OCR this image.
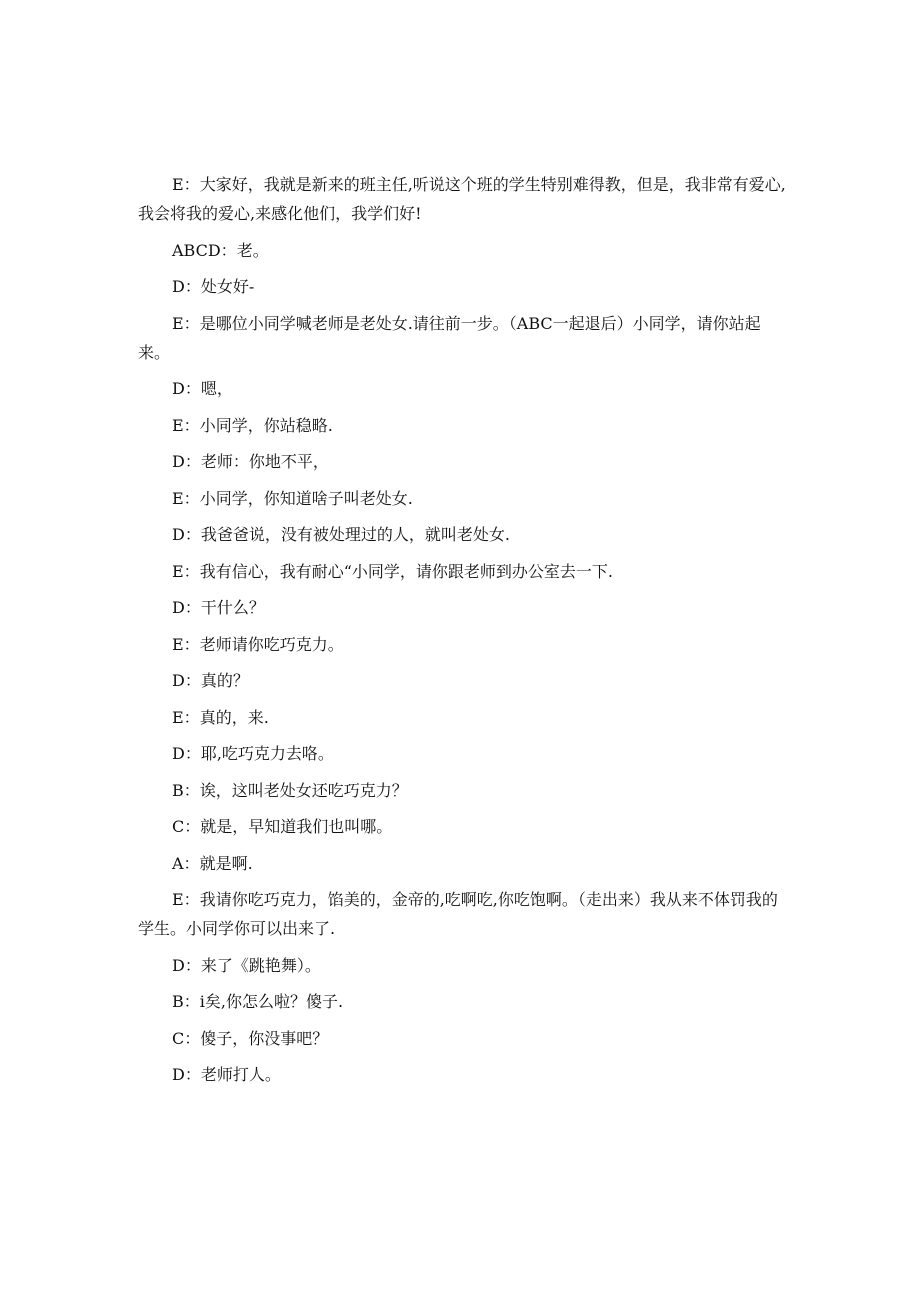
E：大家好，我就是新来的班主任,听说这个班的学生特别难得教，但是，我非常有爱心,我会将我的爱心,来感化他们，我学们好!

ABCD：老。

D：处女好-

E：是哪位小同学喊老师是老处女.请往前一步。（ABC一起退后）小同学，请你站起来。

D：嗯，

E：小同学，你站稳略.

D：老师：你地不平，

E：小同学，你知道啥子叫老处女.

D：我爸爸说，没有被处理过的人，就叫老处女.

E：我有信心，我有耐心“小同学，请你跟老师到办公室去一下.

D：干什么？

E：老师请你吃巧克力。

D：真的？

E：真的，来.

D：耶,吃巧克力去咯。

B：诶，这叫老处女还吃巧克力？

C：就是，早知道我们也叫哪。

A：就是啊.

E：我请你吃巧克力，馅美的，金帝的,吃啊吃,你吃饱啊。（走出来）我从来不体罚我的学生。小同学你可以出来了.

D：来了《跳艳舞）。

B：i矣,你怎么啦？傻子.

C：傻子，你没事吧？

D：老师打人。
